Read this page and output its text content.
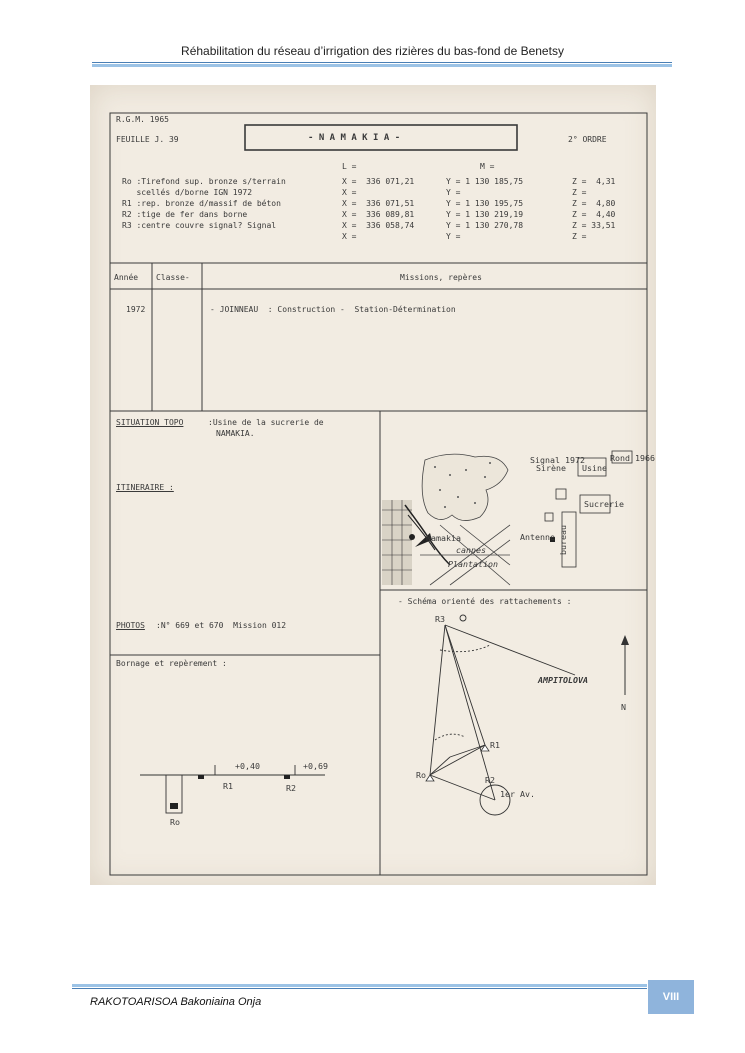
Réhabilitation du réseau d’irrigation des rizières du bas-fond de Benetsy
Namakia
cannes
Plantation
Antenne
Signal 1972
Sirène Usine
Rond 1966
Sucrerie
bureau
N
AMPITOLOVA
Ro
R1
R2
R3
1er Av.
R1	R2
Ro
+0,40	+0,69
R.G.M. 1965
FEUILLE J. 39	- N A M A K I A -	2° ORDRE
L =	M =
Ro :Tirefond sup. bronze s/terrain	X =  336 071,21	Y = 1 130 185,75	Z =  4,31
scellés d/borne IGN 1972	X =	Y =	Z =
R1 :rep. bronze d/massif de béton	X =  336 071,51	Y = 1 130 195,75	Z =  4,80
R2 :tige de fer dans borne	X =  336 089,81	Y = 1 130 219,19	Z =  4,40
R3 :centre couvre signal? Signal	X =  336 058,74	Y = 1 130 270,78	Z = 33,51
X =	Y =	Z =
Année Classe-	Missions, repères
1972	- JOINNEAU  : Construction -  Station-Détermination
SITUATION TOPO	:Usine de la sucrerie de
NAMAKIA.
ITINERAIRE :
PHOTOS :N° 669 et 670  Mission 012
Bornage et repèrement :
- Schéma orienté des rattachements :
RAKOTOARISOA Bakoniaina Onja	VIII
